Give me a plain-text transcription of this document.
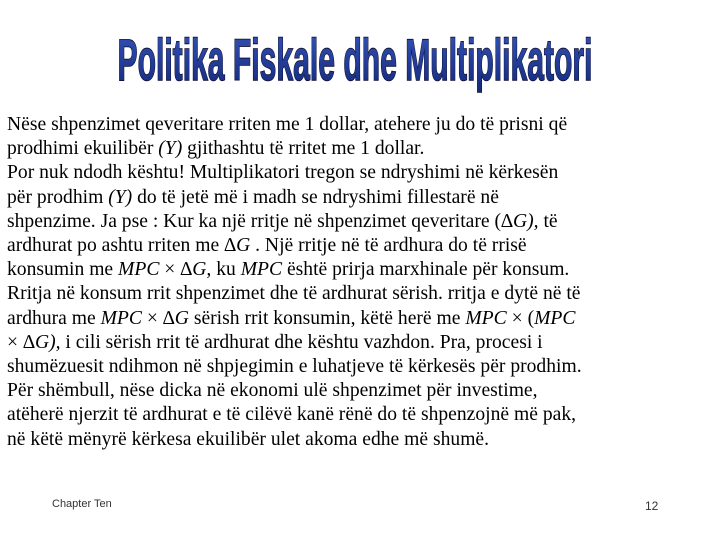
Politika Fiskale dhe Multiplikatori

Nëse shpenzimet qeveritare rriten me 1 dollar, atehere ju do të prisni që

prodhimi ekuilibër (Y) gjithashtu të rritet me 1 dollar.

Por nuk ndodh kështu! Multiplikatori tregon se ndryshimi në kërkesën

për prodhim (Y) do të jetë më i madh se ndryshimi fillestarë në

shpenzime. Ja pse : Kur ka një rritje në shpenzimet qeveritare (∆G), të

ardhurat po ashtu rriten me ∆G . Një rritje në të ardhura do të rrisë

konsumin me MPC × ∆G, ku MPC është prirja marxhinale për konsum.

Rritja në konsum rrit shpenzimet dhe të ardhurat sërish. rritja e dytë në të

ardhura me MPC × ∆G sërish rrit konsumin, këtë herë me MPC × (MPC

× ∆G), i cili sërish rrit të ardhurat dhe kështu vazhdon. Pra, procesi i

shumëzuesit ndihmon në shpjegimin e luhatjeve të kërkesës për prodhim.

Për shëmbull, nëse dicka në ekonomi ulë shpenzimet për investime,

atëherë njerzit të ardhurat e të cilëvë kanë rënë do të shpenzojnë më pak,

në këtë mënyrë kërkesa ekuilibër ulet akoma edhe më shumë.

Chapter Ten	12
